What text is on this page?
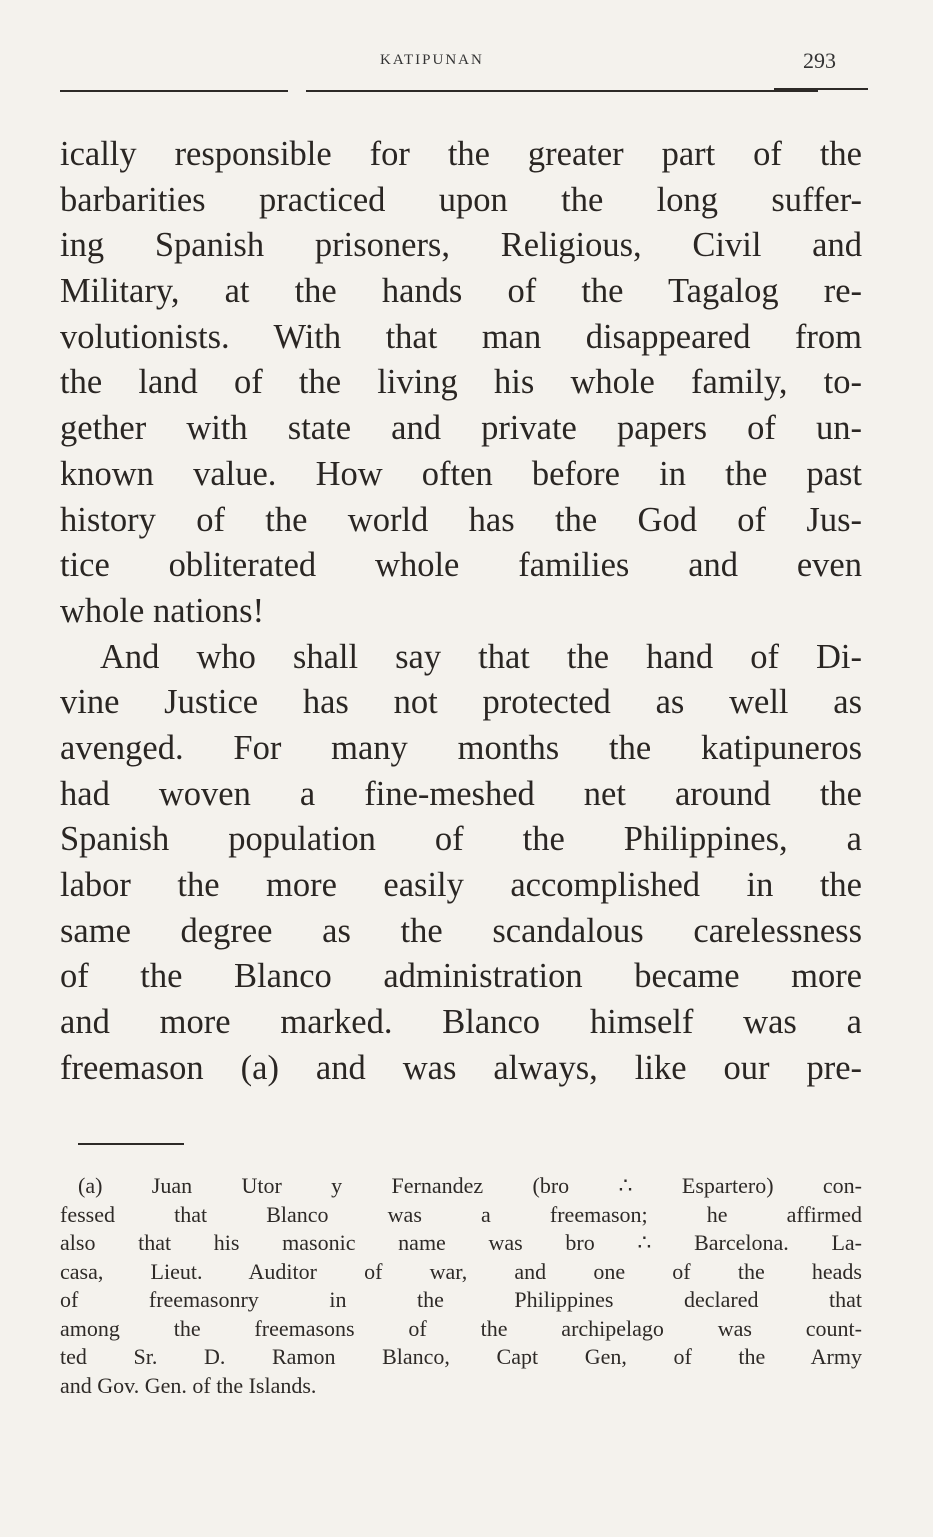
KATIPUNAN	293
ically responsible for the greater part of the
barbarities practiced upon the long suffer-
ing Spanish prisoners, Religious, Civil and
Military, at the hands of the Tagalog re-
volutionists. With that man disappeared from
the land of the living his whole family, to-
gether with state and private papers of un-
known value. How often before in the past
history of the world has the God of Jus-
tice obliterated whole families and even
whole nations!
And who shall say that the hand of Di-
vine Justice has not protected as well as
avenged. For many months the katipuneros
had woven a fine-meshed net around the
Spanish population of the Philippines, a
labor the more easily accomplished in the
same degree as the scandalous carelessness
of the Blanco administration became more
and more marked. Blanco himself was a
freemason (a) and was always, like our pre-
(a) Juan Utor y Fernandez (bro ∴ Espartero) con-
fessed that Blanco was a freemason; he affirmed
also that his masonic name was bro ∴ Barcelona. La-
casa, Lieut. Auditor of war, and one of the heads
of freemasonry in the Philippines declared that
among the freemasons of the archipelago was count-
ted Sr. D. Ramon Blanco, Capt Gen, of the Army
and Gov. Gen. of the Islands.
